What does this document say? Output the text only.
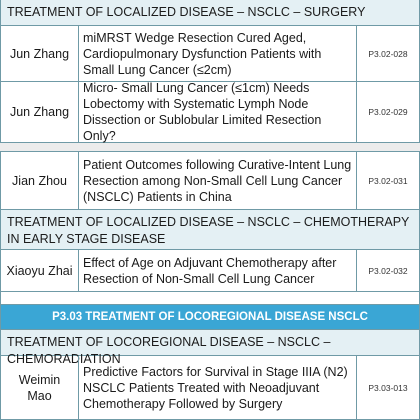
TREATMENT OF LOCALIZED DISEASE – NSCLC – SURGERY
Jun Zhang
miMRST Wedge Resection Cured Aged, Cardiopulmonary Dysfunction Patients with Small Lung Cancer (≤2cm)
P3.02-028
Jun Zhang
Micro- Small Lung Cancer (≤1cm) Needs Lobectomy with Systematic Lymph Node Dissection or Sublobular Limited Resection Only?
P3.02-029
Jian Zhou
Patient Outcomes following Curative-Intent Lung Resection among Non-Small Cell Lung Cancer (NSCLC) Patients in China
P3.02-031
TREATMENT OF LOCALIZED DISEASE – NSCLC – CHEMOTHERAPY IN EARLY STAGE DISEASE
Xiaoyu Zhai
Effect of Age on Adjuvant Chemotherapy after Resection of Non-Small Cell Lung Cancer
P3.02-032
P3.03 TREATMENT OF LOCOREGIONAL DISEASE NSCLC
TREATMENT OF LOCOREGIONAL DISEASE – NSCLC – CHEMORADIATION
Weimin Mao
Predictive Factors for Survival in Stage IIIA (N2) NSCLC Patients Treated with Neoadjuvant Chemotherapy Followed by Surgery
P3.03-013
